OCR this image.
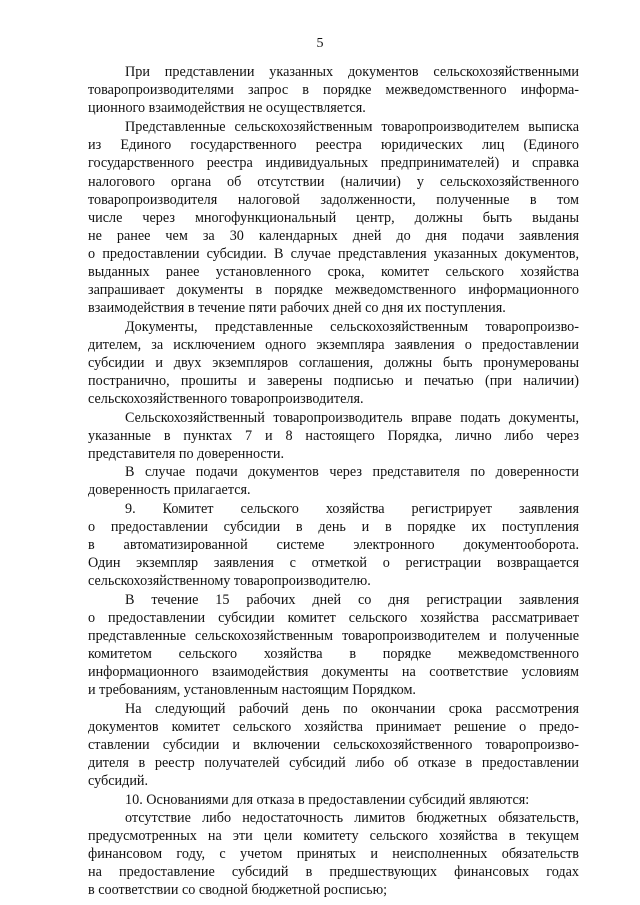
5
При представлении указанных документов сельскохозяйственными
товаропроизводителями запрос в порядке межведомственного информа-
ционного взаимодействия не осуществляется.
Представленные сельскохозяйственным товаропроизводителем выписка
из Единого государственного реестра юридических лиц (Единого
государственного реестра индивидуальных предпринимателей) и справка
налогового органа об отсутствии (наличии) у сельскохозяйственного
товаропроизводителя налоговой задолженности, полученные в том
числе через многофункциональный центр, должны быть выданы
не ранее чем за 30 календарных дней до дня подачи заявления
о предоставлении субсидии. В случае представления указанных документов,
выданных ранее установленного срока, комитет сельского хозяйства
запрашивает документы в порядке межведомственного информационного
взаимодействия в течение пяти рабочих дней со дня их поступления.
Документы, представленные сельскохозяйственным товаропроизво-
дителем, за исключением одного экземпляра заявления о предоставлении
субсидии и двух экземпляров соглашения, должны быть пронумерованы
постранично, прошиты и заверены подписью и печатью (при наличии)
сельскохозяйственного товаропроизводителя.
Сельскохозяйственный товаропроизводитель вправе подать документы,
указанные в пунктах 7 и 8 настоящего Порядка, лично либо через
представителя по доверенности.
В случае подачи документов через представителя по доверенности
доверенность прилагается.
9. Комитет сельского хозяйства регистрирует заявления
о предоставлении субсидии в день и в порядке их поступления
в автоматизированной системе электронного документооборота.
Один экземпляр заявления с отметкой о регистрации возвращается
сельскохозяйственному товаропроизводителю.
В течение 15 рабочих дней со дня регистрации заявления
о предоставлении субсидии комитет сельского хозяйства рассматривает
представленные сельскохозяйственным товаропроизводителем и полученные
комитетом сельского хозяйства в порядке межведомственного
информационного взаимодействия документы на соответствие условиям
и требованиям, установленным настоящим Порядком.
На следующий рабочий день по окончании срока рассмотрения
документов комитет сельского хозяйства принимает решение о предо-
ставлении субсидии и включении сельскохозяйственного товаропроизво-
дителя в реестр получателей субсидий либо об отказе в предоставлении
субсидий.
10. Основаниями для отказа в предоставлении субсидий являются:
отсутствие либо недостаточность лимитов бюджетных обязательств,
предусмотренных на эти цели комитету сельского хозяйства в текущем
финансовом году, с учетом принятых и неисполненных обязательств
на предоставление субсидий в предшествующих финансовых годах
в соответствии со сводной бюджетной росписью;
